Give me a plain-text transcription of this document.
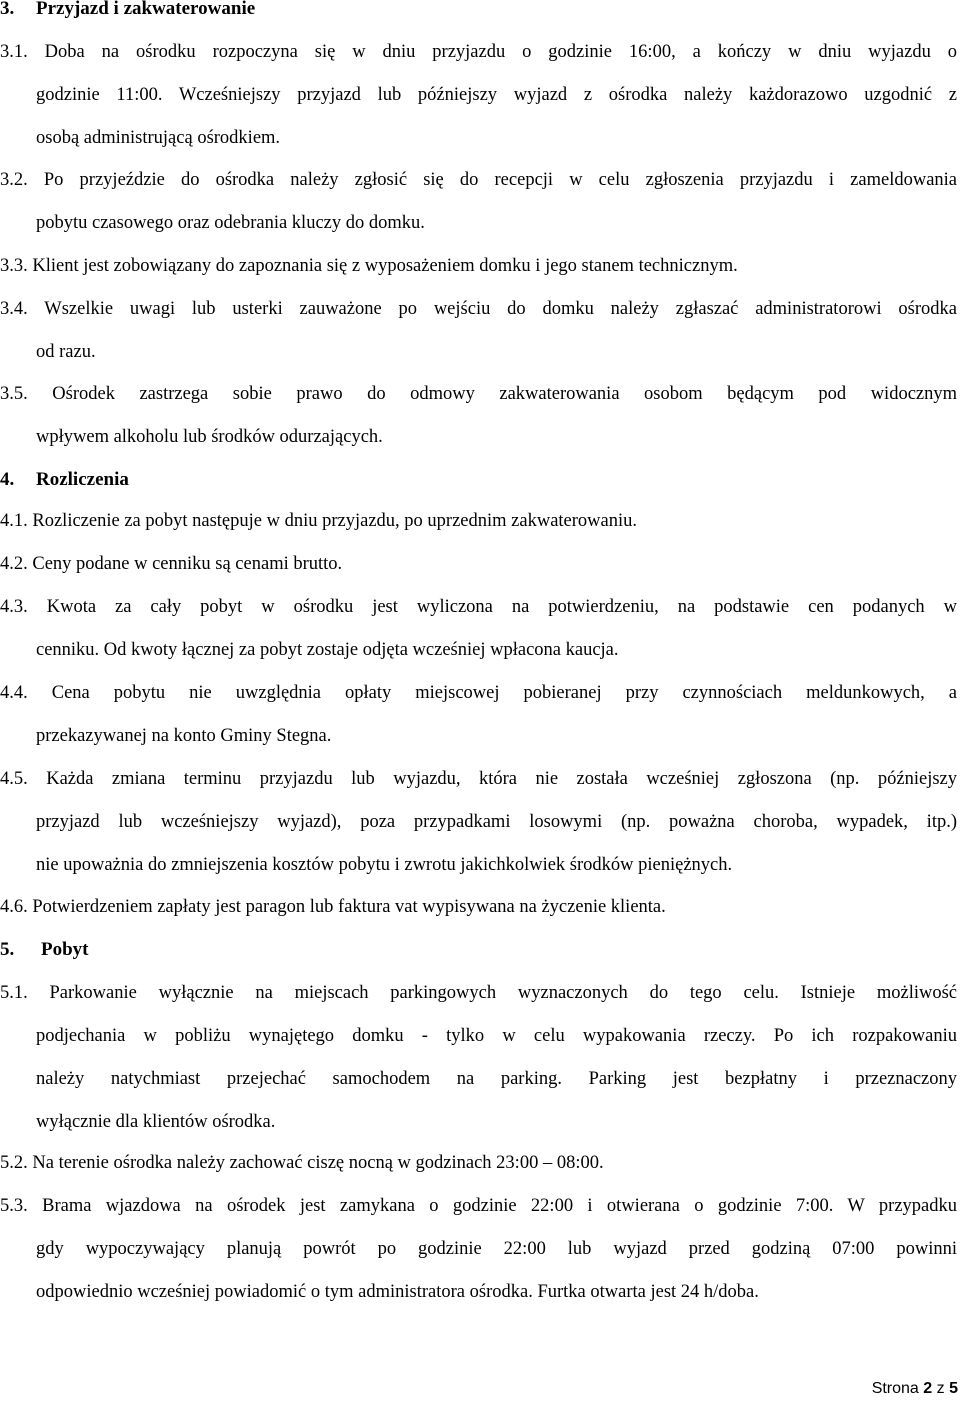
3. Przyjazd i zakwaterowanie
3.1. Doba na ośrodku rozpoczyna się w dniu przyjazdu o godzinie 16:00, a kończy w dniu wyjazdu o
godzinie 11:00. Wcześniejszy przyjazd lub późniejszy wyjazd z ośrodka należy każdorazowo uzgodnić z
osobą administrującą ośrodkiem.
3.2. Po przyjeździe do ośrodka należy zgłosić się do recepcji w celu zgłoszenia przyjazdu i zameldowania
pobytu czasowego oraz odebrania kluczy do domku.
3.3. Klient jest zobowiązany do zapoznania się z wyposażeniem domku i jego stanem technicznym.
3.4. Wszelkie uwagi lub usterki zauważone po wejściu do domku należy zgłaszać administratorowi ośrodka
od razu.
3.5. Ośrodek zastrzega sobie prawo do odmowy zakwaterowania osobom będącym pod widocznym
wpływem alkoholu lub środków odurzających.
4. Rozliczenia
4.1. Rozliczenie za pobyt następuje w dniu przyjazdu, po uprzednim zakwaterowaniu.
4.2. Ceny podane w cenniku są cenami brutto.
4.3. Kwota za cały pobyt w ośrodku jest wyliczona na potwierdzeniu, na podstawie cen podanych w
cenniku. Od kwoty łącznej za pobyt zostaje odjęta wcześniej wpłacona kaucja.
4.4. Cena pobytu nie uwzględnia opłaty miejscowej pobieranej przy czynnościach meldunkowych, a
przekazywanej na konto Gminy Stegna.
4.5. Każda zmiana terminu przyjazdu lub wyjazdu, która nie została wcześniej zgłoszona (np. późniejszy
przyjazd lub wcześniejszy wyjazd), poza przypadkami losowymi (np. poważna choroba, wypadek, itp.)
nie upoważnia do zmniejszenia kosztów pobytu i zwrotu jakichkolwiek środków pieniężnych.
4.6. Potwierdzeniem zapłaty jest paragon lub faktura vat wypisywana na życzenie klienta.
5. Pobyt
5.1. Parkowanie wyłącznie na miejscach parkingowych wyznaczonych do tego celu. Istnieje możliwość
podjechania w pobliżu wynajętego domku - tylko w celu wypakowania rzeczy. Po ich rozpakowaniu
należy natychmiast przejechać samochodem na parking. Parking jest bezpłatny i przeznaczony
wyłącznie dla klientów ośrodka.
5.2. Na terenie ośrodka należy zachować ciszę nocną w godzinach 23:00 – 08:00.
5.3. Brama wjazdowa na ośrodek jest zamykana o godzinie 22:00 i otwierana o godzinie 7:00. W przypadku
gdy wypoczywający planują powrót po godzinie 22:00 lub wyjazd przed godziną 07:00 powinni
odpowiednio wcześniej powiadomić o tym administratora ośrodka. Furtka otwarta jest 24 h/doba.
Strona 2 z 5
